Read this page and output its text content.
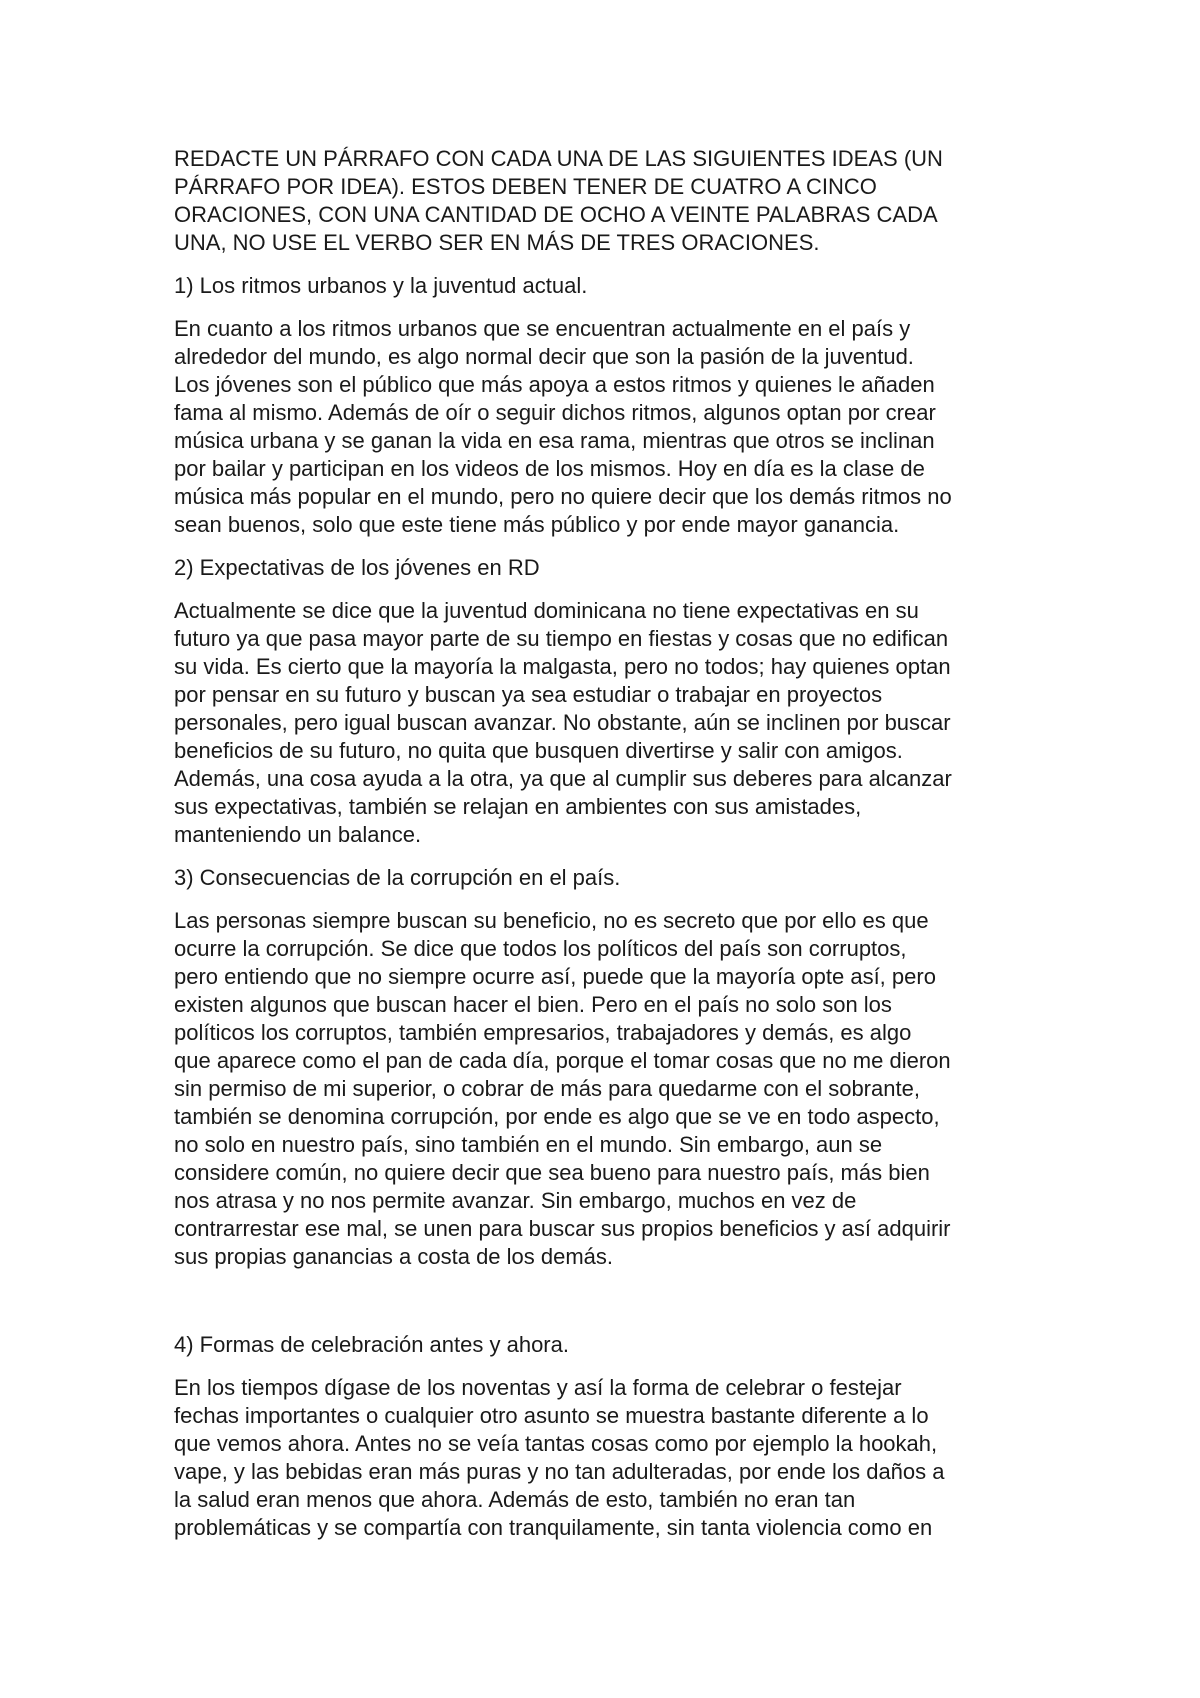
REDACTE UN PÁRRAFO CON CADA UNA DE LAS SIGUIENTES IDEAS (UN
PÁRRAFO POR IDEA). ESTOS DEBEN TENER DE CUATRO A CINCO
ORACIONES, CON UNA CANTIDAD DE OCHO A VEINTE PALABRAS CADA
UNA, NO USE EL VERBO SER EN MÁS DE TRES ORACIONES.
1) Los ritmos urbanos y la juventud actual.
En cuanto a los ritmos urbanos que se encuentran actualmente en el país y
alrededor del mundo, es algo normal decir que son la pasión de la juventud.
Los jóvenes son el público que más apoya a estos ritmos y quienes le añaden
fama al mismo. Además de oír o seguir dichos ritmos, algunos optan por crear
música urbana y se ganan la vida en esa rama, mientras que otros se inclinan
por bailar y participan en los videos de los mismos. Hoy en día es la clase de
música más popular en el mundo, pero no quiere decir que los demás ritmos no
sean buenos, solo que este tiene más público y por ende mayor ganancia.
2) Expectativas de los jóvenes en RD
Actualmente se dice que la juventud dominicana no tiene expectativas en su
futuro ya que pasa mayor parte de su tiempo en fiestas y cosas que no edifican
su vida. Es cierto que la mayoría la malgasta, pero no todos; hay quienes optan
por pensar en su futuro y buscan ya sea estudiar o trabajar en proyectos
personales, pero igual buscan avanzar. No obstante, aún se inclinen por buscar
beneficios de su futuro, no quita que busquen divertirse y salir con amigos.
Además, una cosa ayuda a la otra, ya que al cumplir sus deberes para alcanzar
sus expectativas, también se relajan en ambientes con sus amistades,
manteniendo un balance.
3) Consecuencias de la corrupción en el país.
Las personas siempre buscan su beneficio, no es secreto que por ello es que
ocurre la corrupción. Se dice que todos los políticos del país son corruptos,
pero entiendo que no siempre ocurre así, puede que la mayoría opte así, pero
existen algunos que buscan hacer el bien. Pero en el país no solo son los
políticos los corruptos, también empresarios, trabajadores y demás, es algo
que aparece como el pan de cada día, porque el tomar cosas que no me dieron
sin permiso de mi superior, o cobrar de más para quedarme con el sobrante,
también se denomina corrupción, por ende es algo que se ve en todo aspecto,
no solo en nuestro país, sino también en el mundo. Sin embargo, aun se
considere común, no quiere decir que sea bueno para nuestro país, más bien
nos atrasa y no nos permite avanzar. Sin embargo, muchos en vez de
contrarrestar ese mal, se unen para buscar sus propios beneficios y así adquirir
sus propias ganancias a costa de los demás.
4) Formas de celebración antes y ahora.
En los tiempos dígase de los noventas y así la forma de celebrar o festejar
fechas importantes o cualquier otro asunto se muestra bastante diferente a lo
que vemos ahora. Antes no se veía tantas cosas como por ejemplo la hookah,
vape, y las bebidas eran más puras y no tan adulteradas, por ende los daños a
la salud eran menos que ahora. Además de esto, también no eran tan
problemáticas y se compartía con tranquilamente, sin tanta violencia como en
